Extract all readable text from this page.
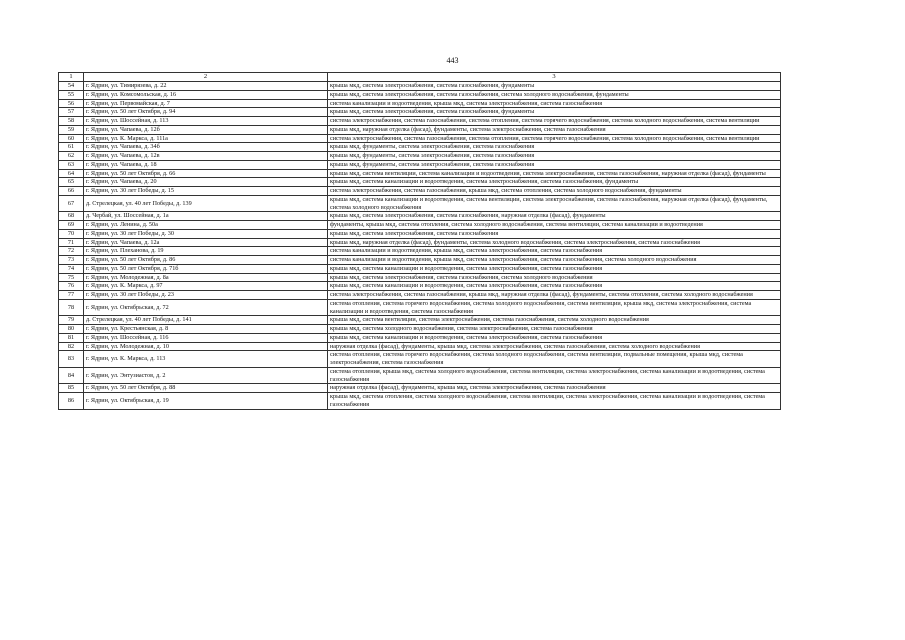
443
1	2	3
54	г. Ядрин, ул. Тимирязева, д. 22	крыша мкд, система электроснабжения, система газоснабжения, фундаменты
55	г. Ядрин, ул. Комсомольская, д. 16	крыша мкд, система электроснабжения, система газоснабжения, система холодного водоснабжения, фундаменты
56	г. Ядрин, ул. Первомайская, д. 7	система канализации и водоотведения, крыша мкд, система электроснабжения, система газоснабжения
57	г. Ядрин, ул. 50 лет Октября, д. 94	крыша мкд, система электроснабжения, система газоснабжения, фундаменты
58	г. Ядрин, ул. Шоссейная, д. 113	система электроснабжения, система газоснабжения, система отопления, система горячего водоснабжения, система холодного водоснабжения, система вентиляции
59	г. Ядрин, ул. Чапаева, д. 12б	крыша мкд, наружная отделка (фасад), фундаменты, система электроснабжения, система газоснабжения
60	г. Ядрин, ул. К. Маркса, д. 111а	система электроснабжения, система газоснабжения, система отопления, система горячего водоснабжения, система холодного водоснабжения, система вентиляции
61	г. Ядрин, ул. Чапаева, д. 34б	крыша мкд, фундаменты, система электроснабжения, система газоснабжения
62	г. Ядрин, ул. Чапаева, д. 12в	крыша мкд, фундаменты, система электроснабжения, система газоснабжения
63	г. Ядрин, ул. Чапаева, д. 18	крыша мкд, фундаменты, система электроснабжения, система газоснабжения
64	г. Ядрин, ул. 50 лет Октября, д. 66	крыша мкд, система вентиляции, система канализации и водоотведения, система электроснабжения, система газоснабжения, наружная отделка (фасад), фундаменты
65	г. Ядрин, ул. Чапаева, д. 20	крыша мкд, система канализации и водоотведения, система электроснабжения, система газоснабжения, фундаменты
66	г. Ядрин, ул. 30 лет Победы, д. 15	система электроснабжения, система газоснабжения, крыша мкд, система отопления, система холодного водоснабжения, фундаменты
67	д. Стрелецкая, ул. 40 лет Победы, д. 139	крыша мкд, система канализации и водоотведения, система вентиляции, система электроснабжения, система газоснабжения, наружная отделка (фасад), фундаменты, система холодного водоснабжения
68	д. Чербай, ул. Шоссейная, д. 1а	крыша мкд, система электроснабжения, система газоснабжения, наружная отделка (фасад), фундаменты
69	г. Ядрин, ул. Ленина, д. 50а	фундаменты, крыша мкд, система отопления, система холодного водоснабжения, система вентиляции, система канализации и водоотведения
70	г. Ядрин, ул. 30 лет Победы, д. 30	крыша мкд, система электроснабжения, система газоснабжения
71	г. Ядрин, ул. Чапаева, д. 12а	крыша мкд, наружная отделка (фасад), фундаменты, система холодного водоснабжения, система электроснабжения, система газоснабжения
72	г. Ядрин, ул. Плеханова, д. 19	система канализации и водоотведения, крыша мкд, система электроснабжения, система газоснабжения
73	г. Ядрин, ул. 50 лет Октября, д. 86	система канализации и водоотведения, крыша мкд, система электроснабжения, система газоснабжения, система холодного водоснабжения
74	г. Ядрин, ул. 50 лет Октября, д. 71б	крыша мкд, система канализации и водоотведения, система электроснабжения, система газоснабжения
75	г. Ядрин, ул. Молодежная, д. 8а	крыша мкд, система электроснабжения, система газоснабжения, система холодного водоснабжения
76	г. Ядрин, ул. К. Маркса, д. 97	крыша мкд, система канализации и водоотведения, система электроснабжения, система газоснабжения
77	г. Ядрин, ул. 30 лет Победы, д. 23	система электроснабжения, система газоснабжения, крыша мкд, наружная отделка (фасад), фундаменты, система отопления, система холодного водоснабжения
78	г. Ядрин, ул. Октябрьская, д. 72	система отопления, система горячего водоснабжения, система холодного водоснабжения, система вентиляции, крыша мкд, система электроснабжения, система канализации и водоотведения, система газоснабжения
79	д. Стрелецкая, ул. 40 лет Победы, д. 141	крыша мкд, система вентиляции, система электроснабжения, система газоснабжения, система холодного водоснабжения
80	г. Ядрин, ул. Крестьянская, д. 8	крыша мкд, система холодного водоснабжения, система электроснабжения, система газоснабжения
81	г. Ядрин, ул. Шоссейная, д. 116	крыша мкд, система канализации и водоотведения, система электроснабжения, система газоснабжения
82	г. Ядрин, ул. Молодежная, д. 10	наружная отделка (фасад), фундаменты, крыша мкд, система электроснабжения, система газоснабжения, система холодного водоснабжения
83	г. Ядрин, ул. К. Маркса, д. 113	система отопления, система горячего водоснабжения, система холодного водоснабжения, система вентиляции, подвальные помещения, крыша мкд, система электроснабжения, система газоснабжения
84	г. Ядрин, ул. Энтузиастов, д. 2	система отопления, крыша мкд, система холодного водоснабжения, система вентиляции, система электроснабжения, система канализации и водоотведения, система газоснабжения
85	г. Ядрин, ул. 50 лет Октября, д. 88	наружная отделка (фасад), фундаменты, крыша мкд, система электроснабжения, система газоснабжения
86	г. Ядрин, ул. Октябрьская, д. 19	крыша мкд, система отопления, система холодного водоснабжения, система вентиляции, система электроснабжения, система канализации и водоотведения, система газоснабжения
